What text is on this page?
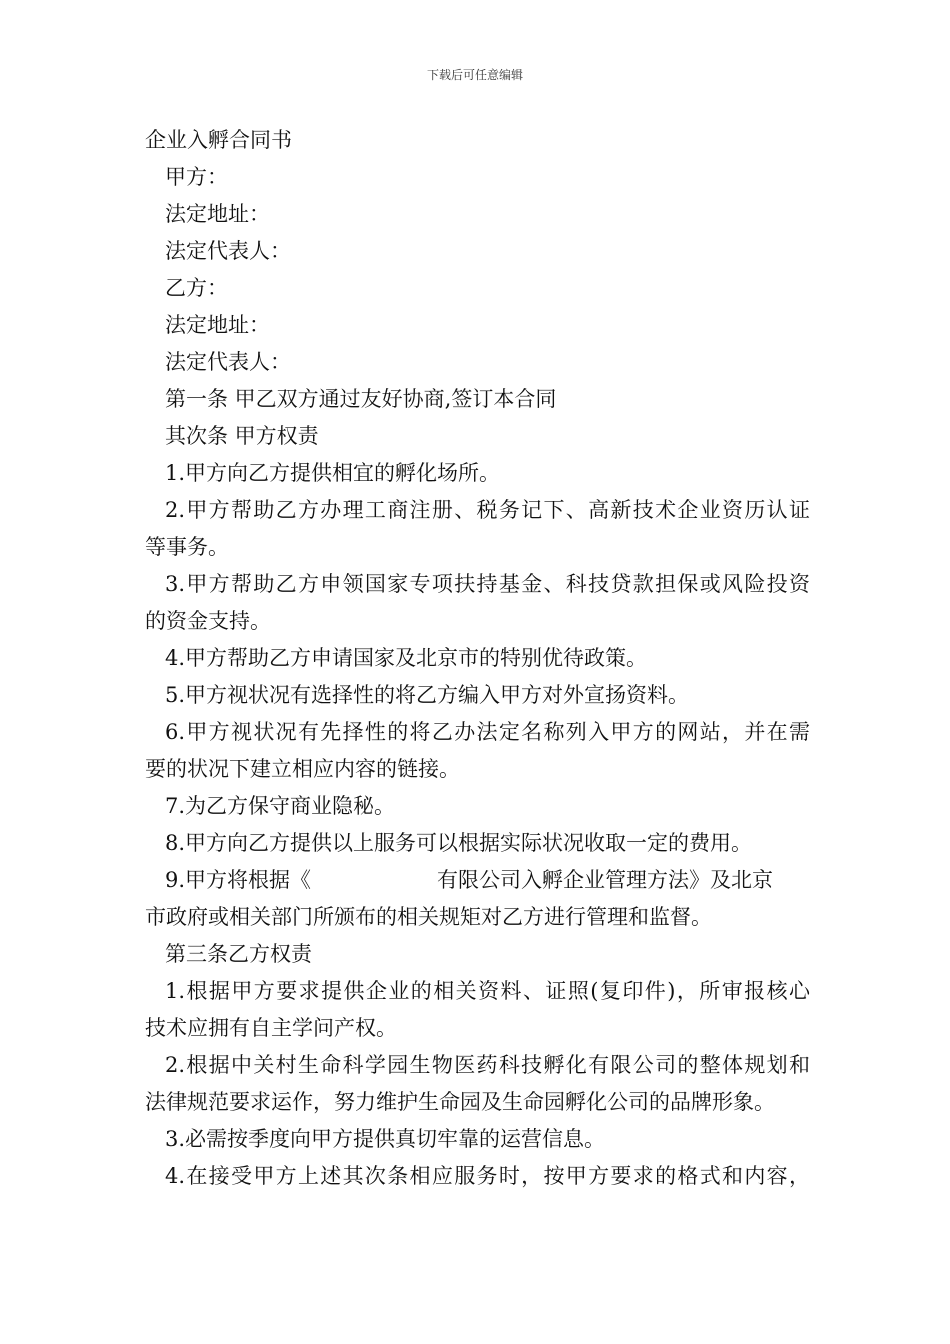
下载后可任意编辑
企业入孵合同书
甲方：
法定地址：
法定代表人：
乙方：
法定地址：
法定代表人：
第一条 甲乙双方通过友好协商,签订本合同
其次条 甲方权责
1.甲方向乙方提供相宜的孵化场所。
2.甲方帮助乙方办理工商注册、税务记下、高新技术企业资历认证
等事务。
3.甲方帮助乙方申领国家专项扶持基金、科技贷款担保或风险投资
的资金支持。
4.甲方帮助乙方申请国家及北京市的特别优待政策。
5.甲方视状况有选择性的将乙方编入甲方对外宣扬资料。
6.甲方视状况有先择性的将乙办法定名称列入甲方的网站，并在需
要的状况下建立相应内容的链接。
7.为乙方保守商业隐秘。
8.甲方向乙方提供以上服务可以根据实际状况收取一定的费用。
9.甲方将根据《	有限公司入孵企业管理方法》及北京
市政府或相关部门所颁布的相关规矩对乙方进行管理和监督。
第三条乙方权责
1.根据甲方要求提供企业的相关资料、证照(复印件)，所审报核心
技术应拥有自主学问产权。
2.根据中关村生命科学园生物医药科技孵化有限公司的整体规划和
法律规范要求运作，努力维护生命园及生命园孵化公司的品牌形象。
3.必需按季度向甲方提供真切牢靠的运营信息。
4.在接受甲方上述其次条相应服务时，按甲方要求的格式和内容，
